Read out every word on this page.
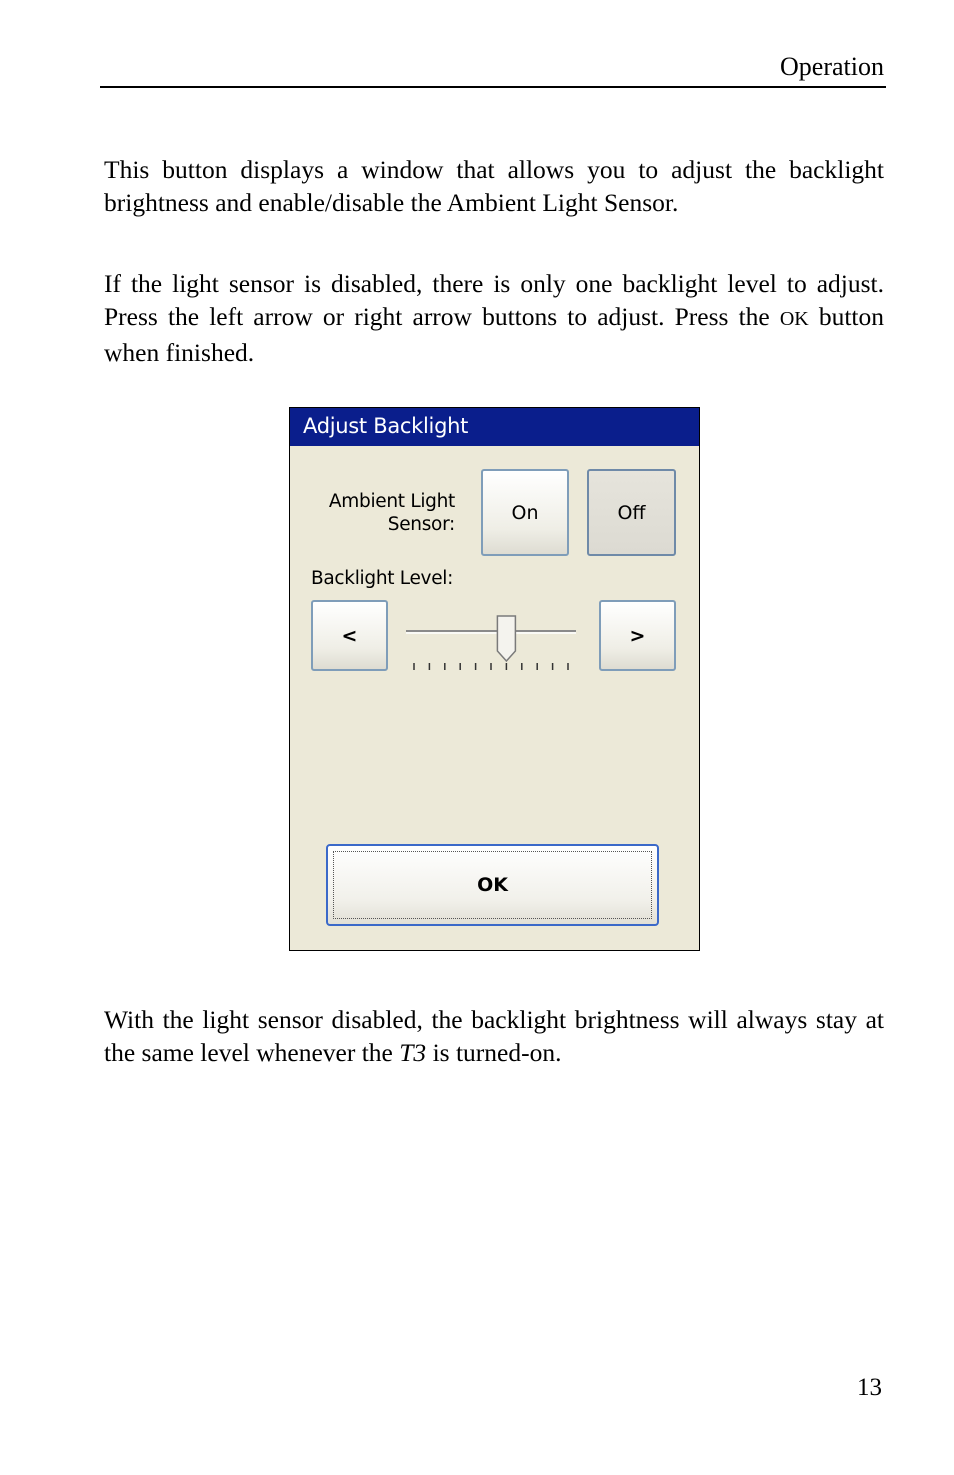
Operation

This button displays a window that allows you to adjust the backlight brightness and enable/disable the Ambient Light Sensor.

If the light sensor is disabled, there is only one backlight level to adjust. Press the left arrow or right arrow buttons to adjust. Press the OK button when finished.

Adjust Backlight
Ambient Light
Sensor:
On	Off
Backlight Level:
<	>
OK

With the light sensor disabled, the backlight brightness will always stay at the same level whenever the T3 is turned-on.

13
